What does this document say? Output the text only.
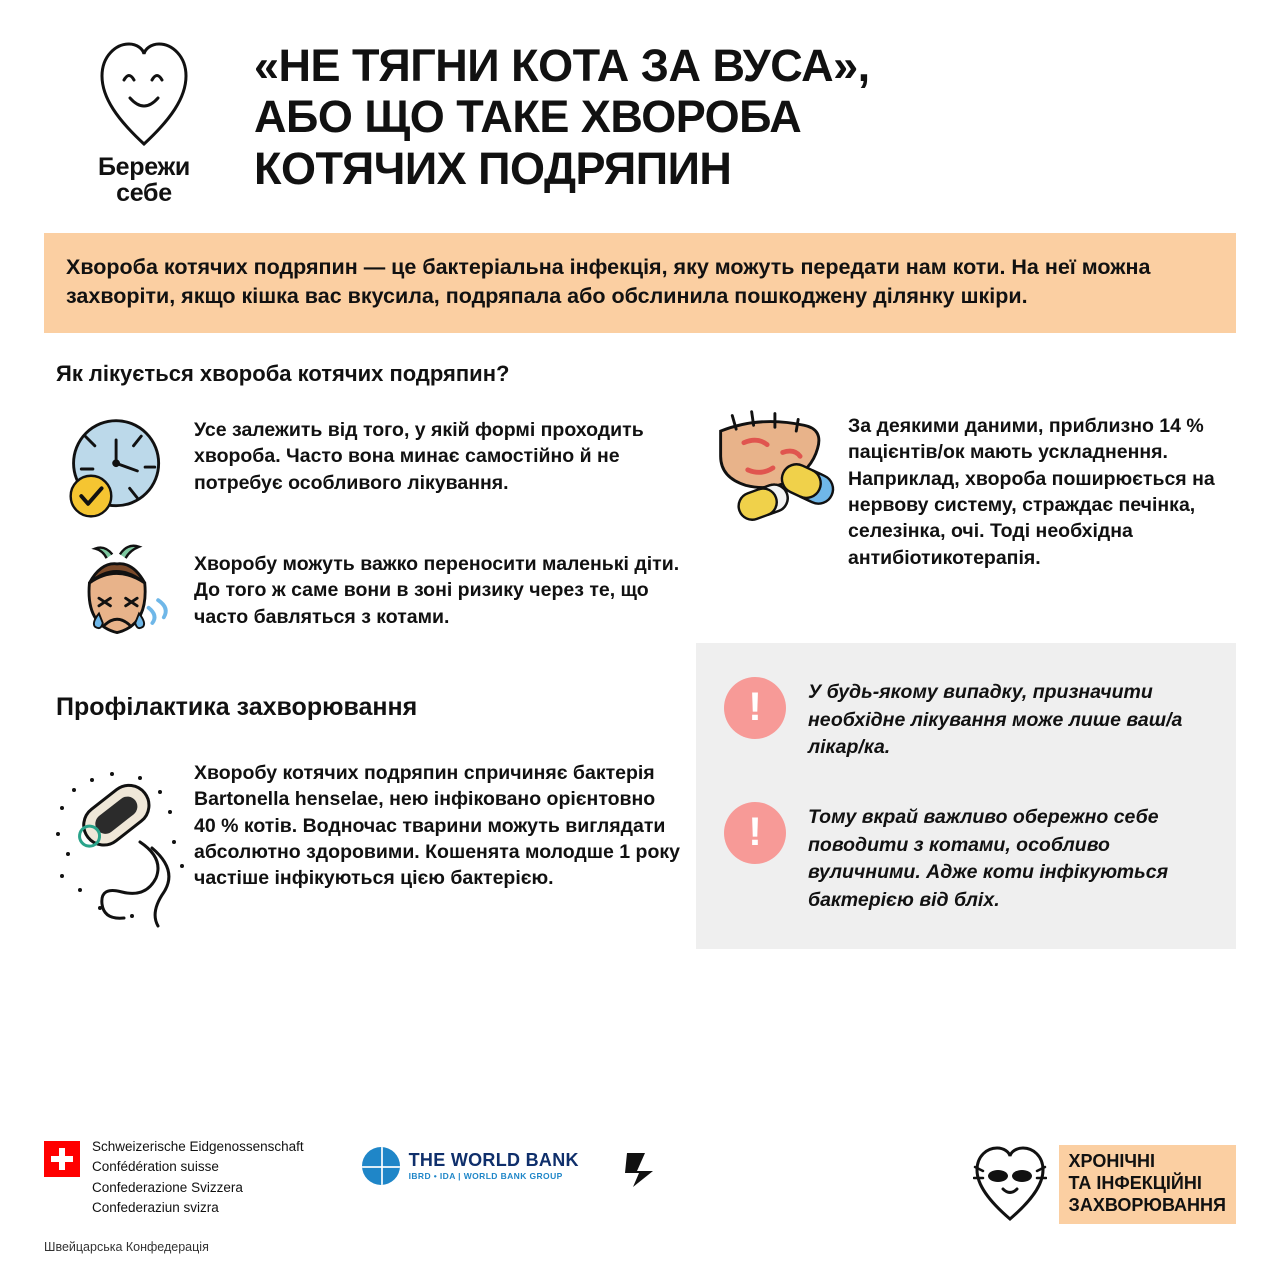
Бережи
себе
«НЕ ТЯГНИ КОТА ЗА ВУСА»,
АБО ЩО ТАКЕ ХВОРОБА
КОТЯЧИХ ПОДРЯПИН
Хвороба котячих подряпин — це бактеріальна інфекція, яку можуть передати нам коти. На неї можна захворіти, якщо кішка вас вкусила, подряпала або обслинила пошкоджену ділянку шкіри.
Як лікується хвороба котячих подряпин?
Усе залежить від того, у якій формі проходить хвороба. Часто вона минає самостійно й не потребує особливого лікування.
Хворобу можуть важко переносити маленькі діти. До того ж саме вони в зоні ризику через те, що часто бавляться з котами.
Профілактика захворювання
Хворобу котячих подряпин спричиняє бактерія Bartonella henselae, нею інфіковано орієнтовно 40 % котів. Водночас тварини можуть виглядати абсолютно здоровими. Кошенята молодше 1 року частіше інфікуються цією бактерією.
За деякими даними, приблизно 14 % пацієнтів/ок мають ускладнення. Наприклад, хвороба поширюється на нервову систему, страждає печінка, селезінка, очі. Тоді необхідна антибіотикотерапія.
!	У будь-якому випадку, призначити необхідне лікування може лише ваш/а лікар/ка.
!	Тому вкрай важливо обережно себе поводити з котами, особливо вуличними. Адже коти інфікуються бактерією від бліх.
Schweizerische Eidgenossenschaft
Confédération suisse
Confederazione Svizzera
Confederaziun svizra
Швейцарська Конфедерація
THE WORLD BANK
IBRD • IDA | WORLD BANK GROUP
ХРОНІЧНІ
ТА ІНФЕКЦІЙНІ
ЗАХВОРЮВАННЯ
